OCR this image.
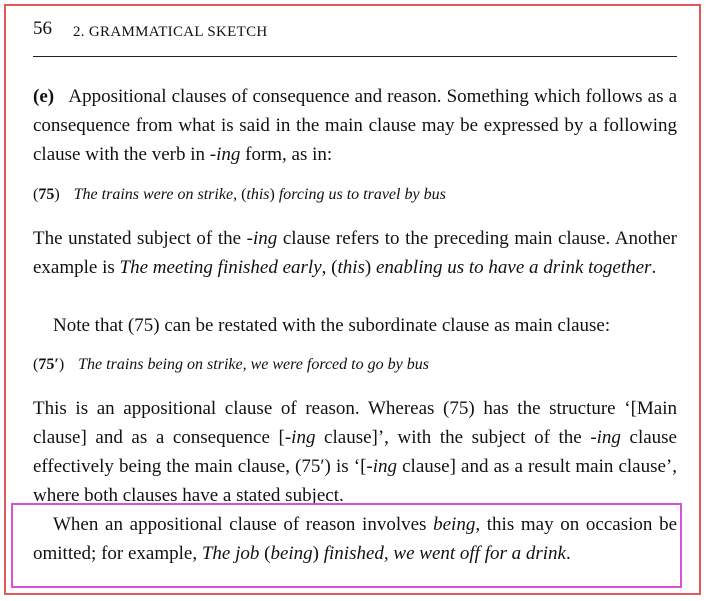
56 2. GRAMMATICAL SKETCH

(e) Appositional clauses of consequence and reason. Something which follows as a consequence from what is said in the main clause may be expressed by a following clause with the verb in -ing form, as in:

(75) The trains were on strike, (this) forcing us to travel by bus

The unstated subject of the -ing clause refers to the preceding main clause. Another example is The meeting finished early, (this) enabling us to have a drink together.

Note that (75) can be restated with the subordinate clause as main clause:

(75′) The trains being on strike, we were forced to go by bus

This is an appositional clause of reason. Whereas (75) has the structure ‘[Main clause] and as a consequence [-ing clause]’, with the subject of the -ing clause effectively being the main clause, (75′) is ‘[-ing clause] and as a result main clause’, where both clauses have a stated subject.

When an appositional clause of reason involves being, this may on occasion be omitted; for example, The job (being) finished, we went off for a drink.
